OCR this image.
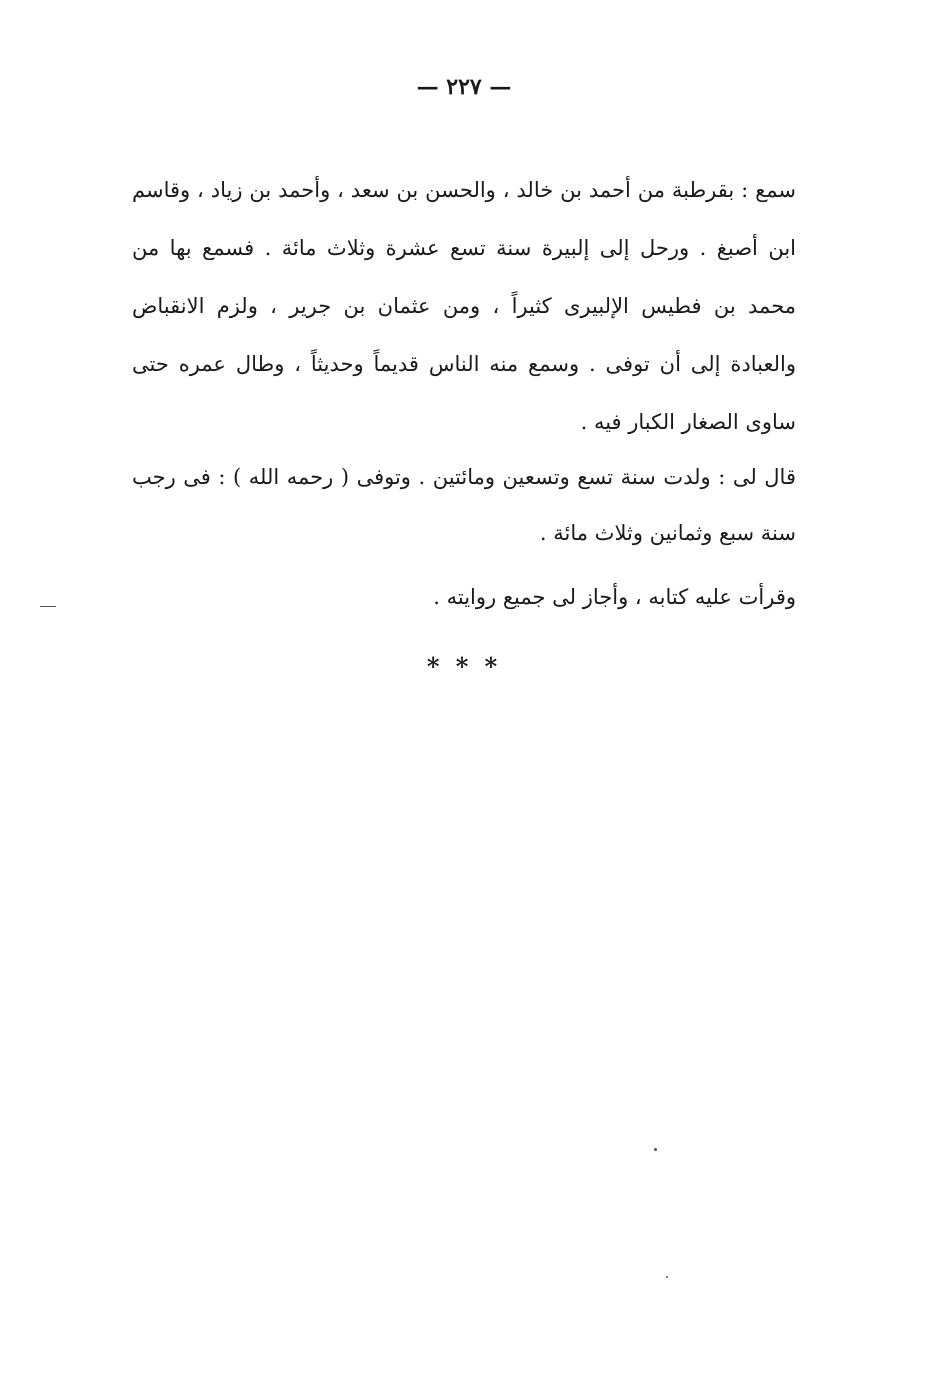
— ٢٢٧ —

سمع : بقرطبة من أحمد بن خالد ، والحسن بن سعد ، وأحمد بن زياد ، وقاسم ابن أصبغ . ورحل إلى إلبيرة سنة تسع عشرة وثلاث مائة . فسمع بها من محمد بن فطيس الإلبيرى كثيراً ، ومن عثمان بن جرير ، ولزم الانقباض والعبادة إلى أن توفى . وسمع منه الناس قديماً وحديثاً ، وطال عمره حتى ساوى الصغار الكبار فيه .

قال لى : ولدت سنة تسع وتسعين ومائتين . وتوفى ( رحمه الله ) : فى رجب سنة سبع وثمانين وثلاث مائة .

وقرأت عليه كتابه ، وأجاز لى جميع روايته .

* * *
